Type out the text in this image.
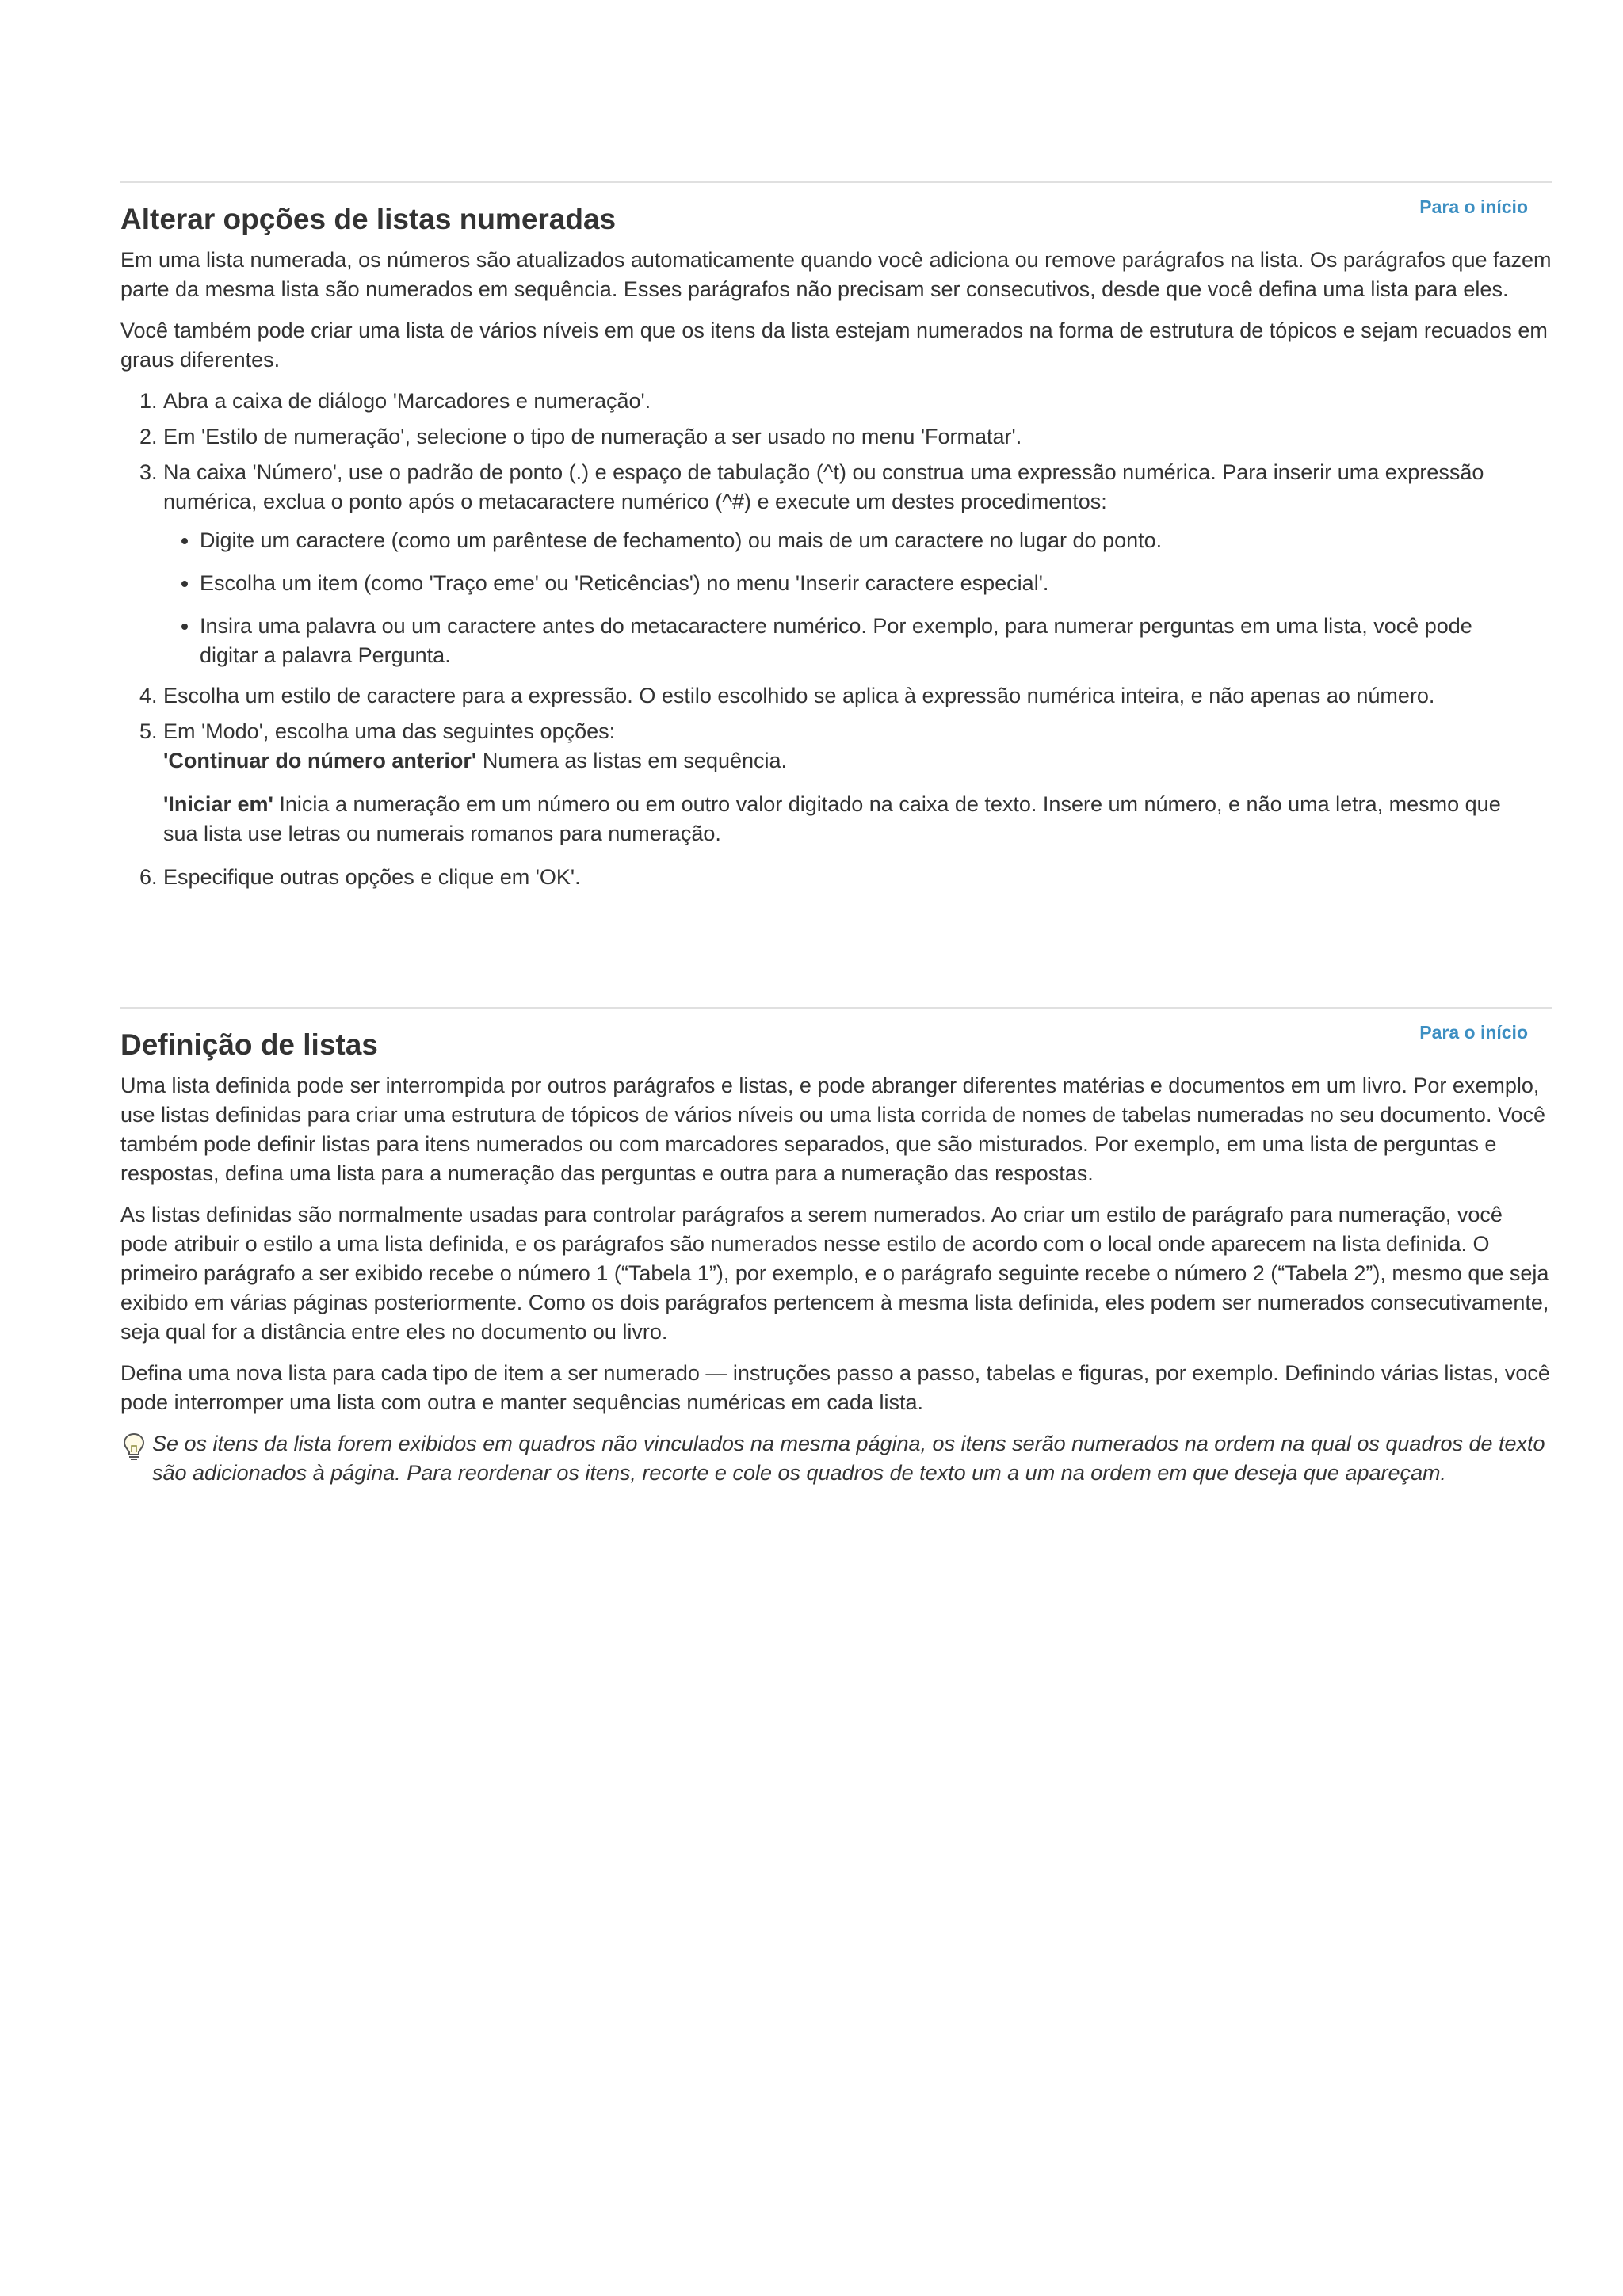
Para o início
Alterar opções de listas numeradas

Em uma lista numerada, os números são atualizados automaticamente quando você adiciona ou remove parágrafos na lista. Os parágrafos que fazem parte da mesma lista são numerados em sequência. Esses parágrafos não precisam ser consecutivos, desde que você defina uma lista para eles.

Você também pode criar uma lista de vários níveis em que os itens da lista estejam numerados na forma de estrutura de tópicos e sejam recuados em graus diferentes.

1. Abra a caixa de diálogo 'Marcadores e numeração'.
2. Em 'Estilo de numeração', selecione o tipo de numeração a ser usado no menu 'Formatar'.
3. Na caixa 'Número', use o padrão de ponto (.) e espaço de tabulação (^t) ou construa uma expressão numérica. Para inserir uma expressão numérica, exclua o ponto após o metacaractere numérico (^#) e execute um destes procedimentos:
• Digite um caractere (como um parêntese de fechamento) ou mais de um caractere no lugar do ponto.
• Escolha um item (como 'Traço eme' ou 'Reticências') no menu 'Inserir caractere especial'.
• Insira uma palavra ou um caractere antes do metacaractere numérico. Por exemplo, para numerar perguntas em uma lista, você pode digitar a palavra Pergunta.
4. Escolha um estilo de caractere para a expressão. O estilo escolhido se aplica à expressão numérica inteira, e não apenas ao número.
5. Em 'Modo', escolha uma das seguintes opções:
'Continuar do número anterior' Numera as listas em sequência.
'Iniciar em' Inicia a numeração em um número ou em outro valor digitado na caixa de texto. Insere um número, e não uma letra, mesmo que sua lista use letras ou numerais romanos para numeração.
6. Especifique outras opções e clique em 'OK'.
Para o início
Definição de listas

Uma lista definida pode ser interrompida por outros parágrafos e listas, e pode abranger diferentes matérias e documentos em um livro. Por exemplo, use listas definidas para criar uma estrutura de tópicos de vários níveis ou uma lista corrida de nomes de tabelas numeradas no seu documento. Você também pode definir listas para itens numerados ou com marcadores separados, que são misturados. Por exemplo, em uma lista de perguntas e respostas, defina uma lista para a numeração das perguntas e outra para a numeração das respostas.

As listas definidas são normalmente usadas para controlar parágrafos a serem numerados. Ao criar um estilo de parágrafo para numeração, você pode atribuir o estilo a uma lista definida, e os parágrafos são numerados nesse estilo de acordo com o local onde aparecem na lista definida. O primeiro parágrafo a ser exibido recebe o número 1 (“Tabela 1”), por exemplo, e o parágrafo seguinte recebe o número 2 (“Tabela 2”), mesmo que seja exibido em várias páginas posteriormente. Como os dois parágrafos pertencem à mesma lista definida, eles podem ser numerados consecutivamente, seja qual for a distância entre eles no documento ou livro.

Defina uma nova lista para cada tipo de item a ser numerado — instruções passo a passo, tabelas e figuras, por exemplo. Definindo várias listas, você pode interromper uma lista com outra e manter sequências numéricas em cada lista.

Se os itens da lista forem exibidos em quadros não vinculados na mesma página, os itens serão numerados na ordem na qual os quadros de texto são adicionados à página. Para reordenar os itens, recorte e cole os quadros de texto um a um na ordem em que deseja que apareçam.
